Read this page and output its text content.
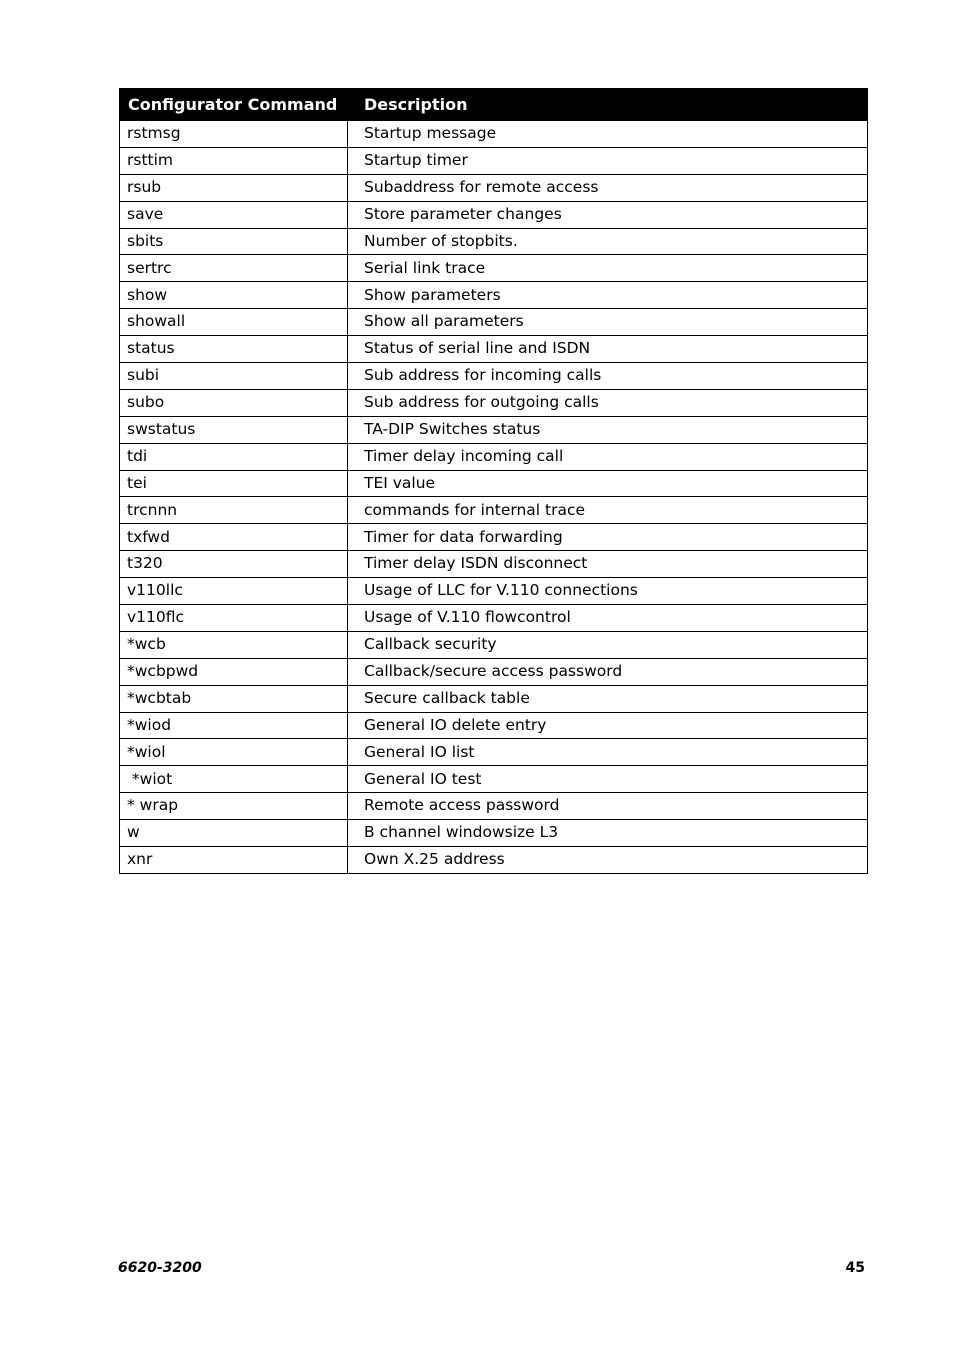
Configurator Command	Description
rstmsg	Startup message
rsttim	Startup timer
rsub	Subaddress for remote access
save	Store parameter changes
sbits	Number of stopbits.
sertrc	Serial link trace
show	Show parameters
showall	Show all parameters
status	Status of serial line and ISDN
subi	Sub address for incoming calls
subo	Sub address for outgoing calls
swstatus	TA-DIP Switches status
tdi	Timer delay incoming call
tei	TEI value
trcnnn	commands for internal trace
txfwd	Timer for data forwarding
t320	Timer delay ISDN disconnect
v110llc	Usage of LLC for V.110 connections
v110flc	Usage of V.110 flowcontrol
*wcb	Callback security
*wcbpwd	Callback/secure access password
*wcbtab	Secure callback table
*wiod	General IO delete entry
*wiol	General IO list
*wiot	General IO test
* wrap	Remote access password
w	B channel windowsize L3
xnr	Own X.25 address
6620-3200	45
